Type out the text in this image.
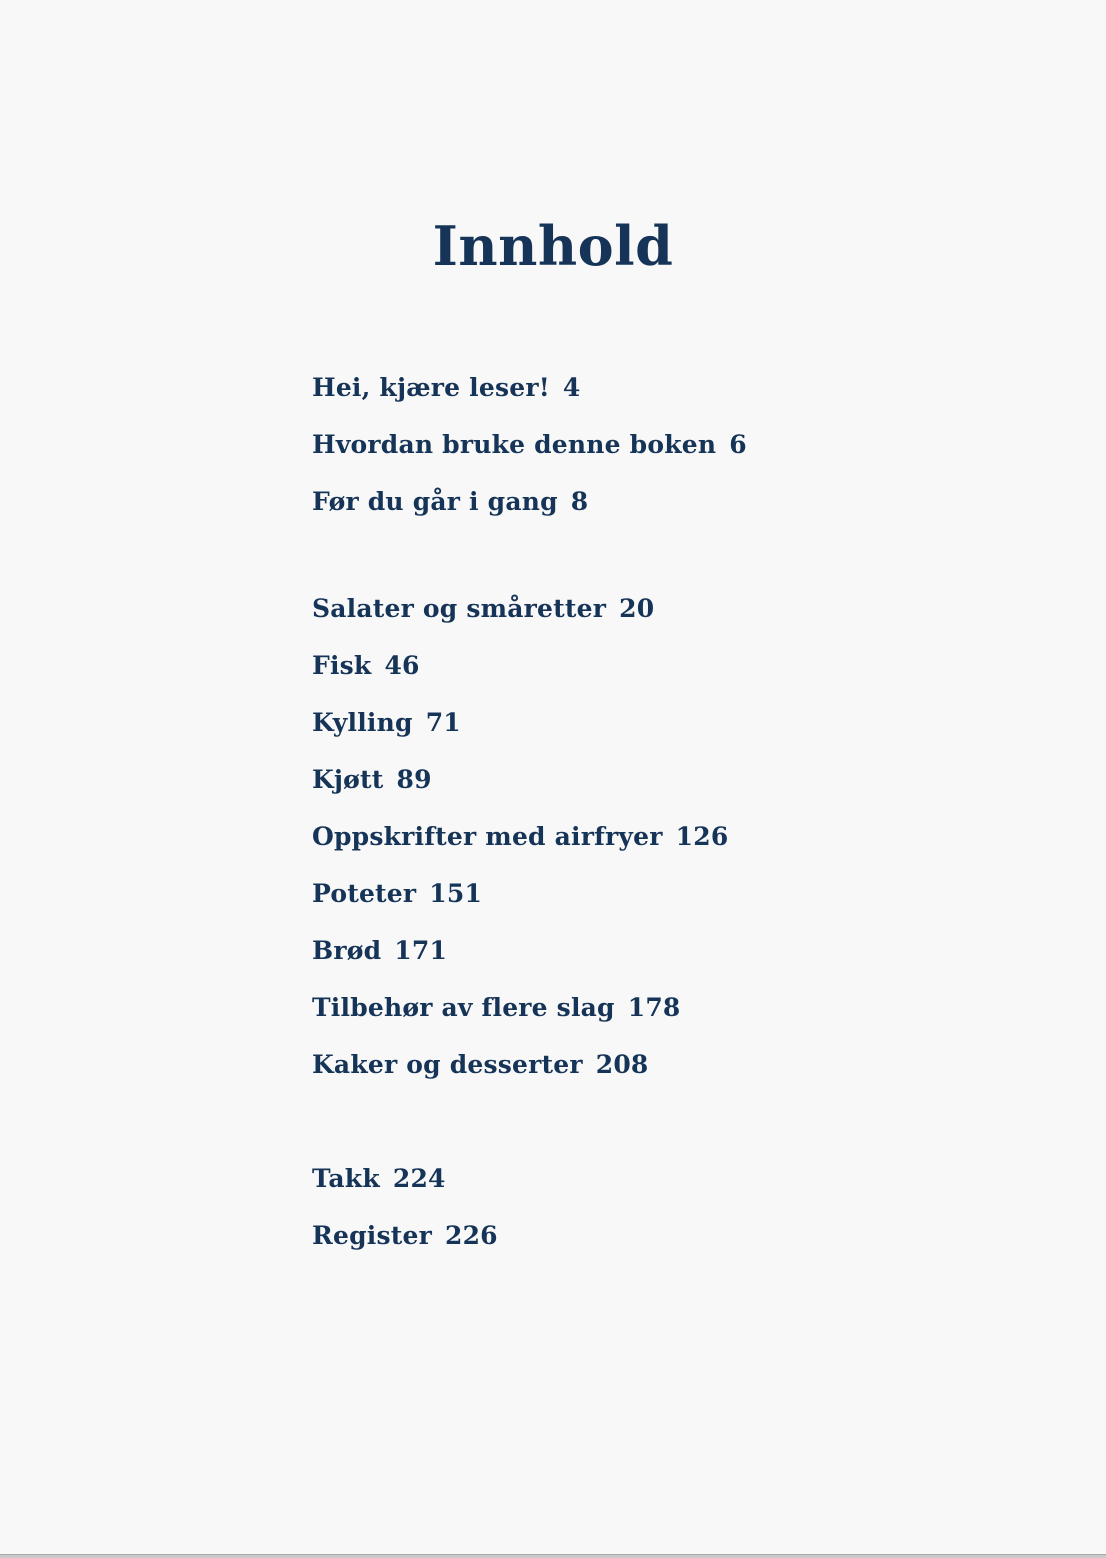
Innhold
Hei, kjære leser! 4
Hvordan bruke denne boken 6
Før du går i gang 8
Salater og småretter 20
Fisk 46
Kylling 71
Kjøtt 89
Oppskrifter med airfryer 126
Poteter 151
Brød 171
Tilbehør av flere slag 178
Kaker og desserter 208
Takk 224
Register 226
